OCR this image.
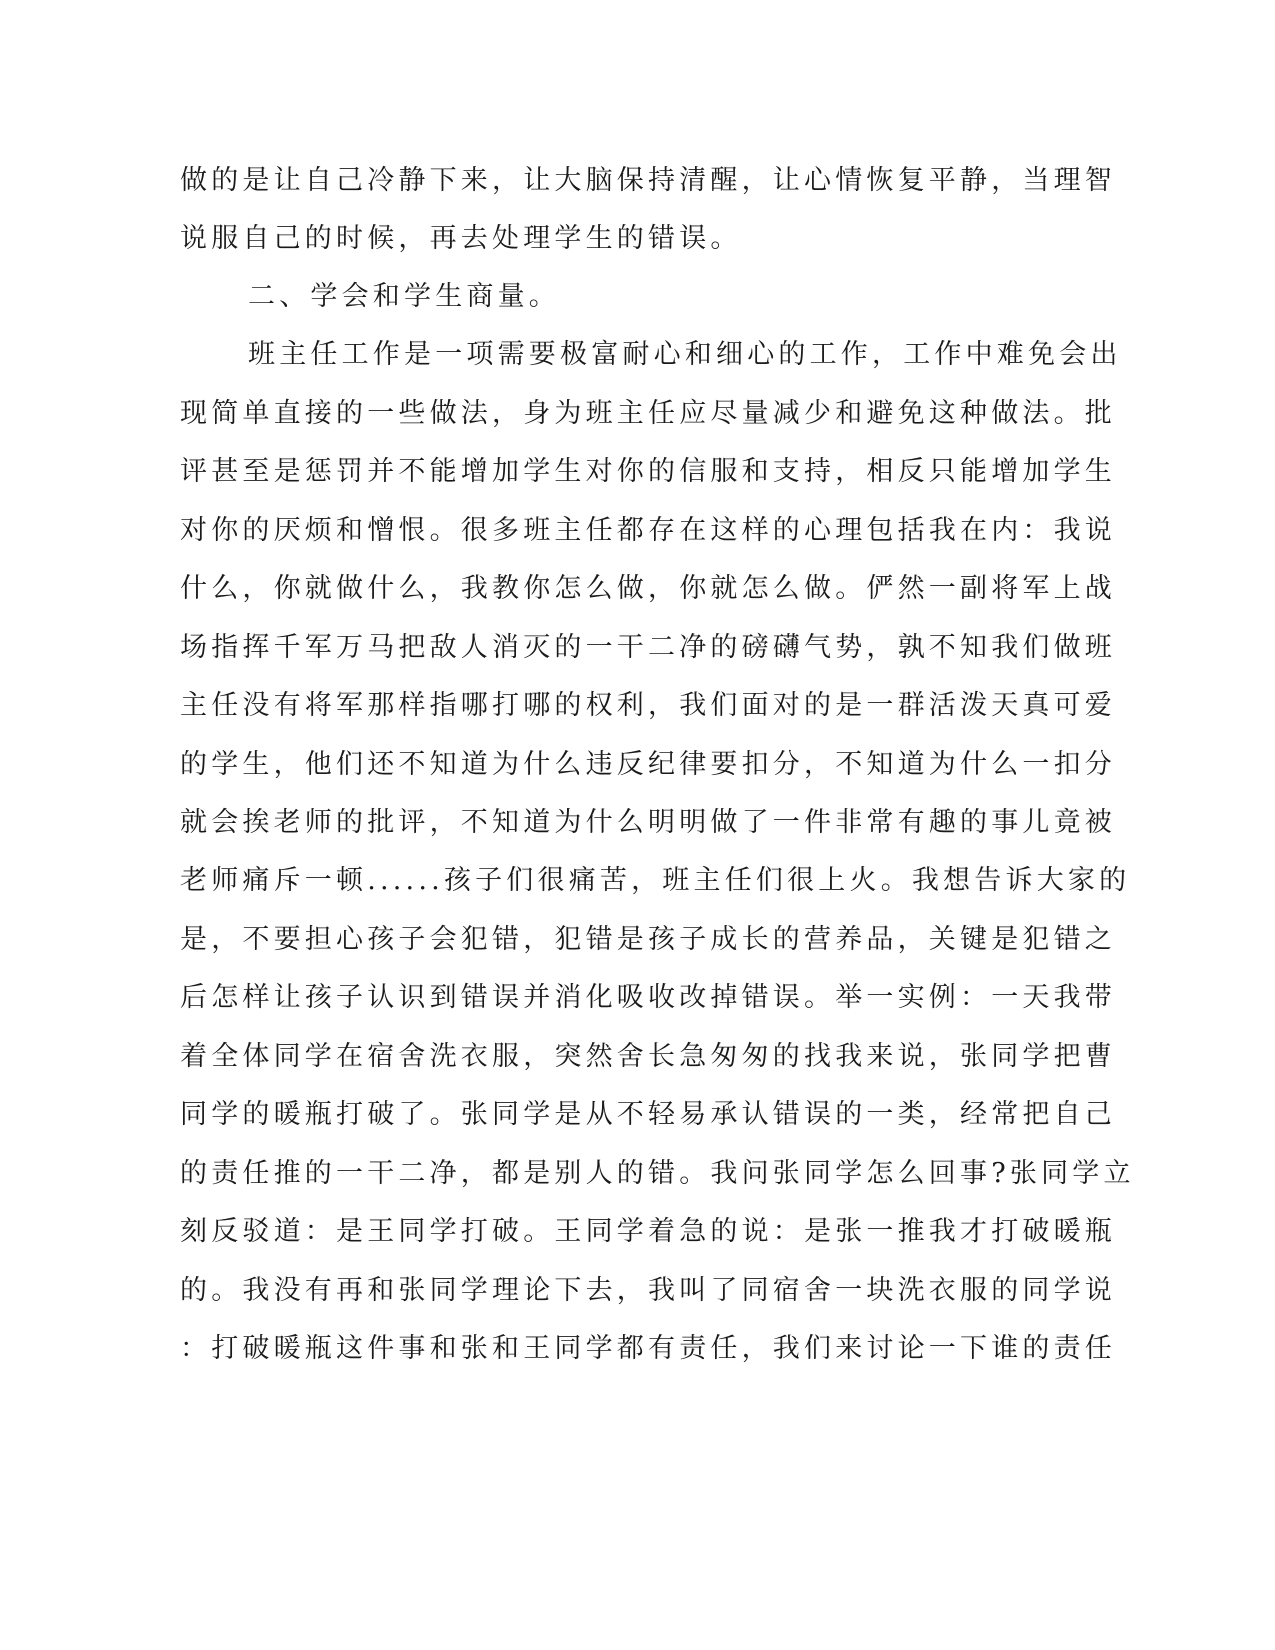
做的是让自己冷静下来，让大脑保持清醒，让心情恢复平静，当理智
说服自己的时候，再去处理学生的错误。
二、学会和学生商量。
班主任工作是一项需要极富耐心和细心的工作，工作中难免会出
现简单直接的一些做法，身为班主任应尽量减少和避免这种做法。批
评甚至是惩罚并不能增加学生对你的信服和支持，相反只能增加学生
对你的厌烦和憎恨。很多班主任都存在这样的心理包括我在内：我说
什么，你就做什么，我教你怎么做，你就怎么做。俨然一副将军上战
场指挥千军万马把敌人消灭的一干二净的磅礴气势，孰不知我们做班
主任没有将军那样指哪打哪的权利，我们面对的是一群活泼天真可爱
的学生，他们还不知道为什么违反纪律要扣分，不知道为什么一扣分
就会挨老师的批评，不知道为什么明明做了一件非常有趣的事儿竟被
老师痛斥一顿......孩子们很痛苦，班主任们很上火。我想告诉大家的
是，不要担心孩子会犯错，犯错是孩子成长的营养品，关键是犯错之
后怎样让孩子认识到错误并消化吸收改掉错误。举一实例：一天我带
着全体同学在宿舍洗衣服，突然舍长急匆匆的找我来说，张同学把曹
同学的暖瓶打破了。张同学是从不轻易承认错误的一类，经常把自己
的责任推的一干二净，都是别人的错。我问张同学怎么回事?张同学立
刻反驳道：是王同学打破。王同学着急的说：是张一推我才打破暖瓶
的。我没有再和张同学理论下去，我叫了同宿舍一块洗衣服的同学说
：打破暖瓶这件事和张和王同学都有责任，我们来讨论一下谁的责任
